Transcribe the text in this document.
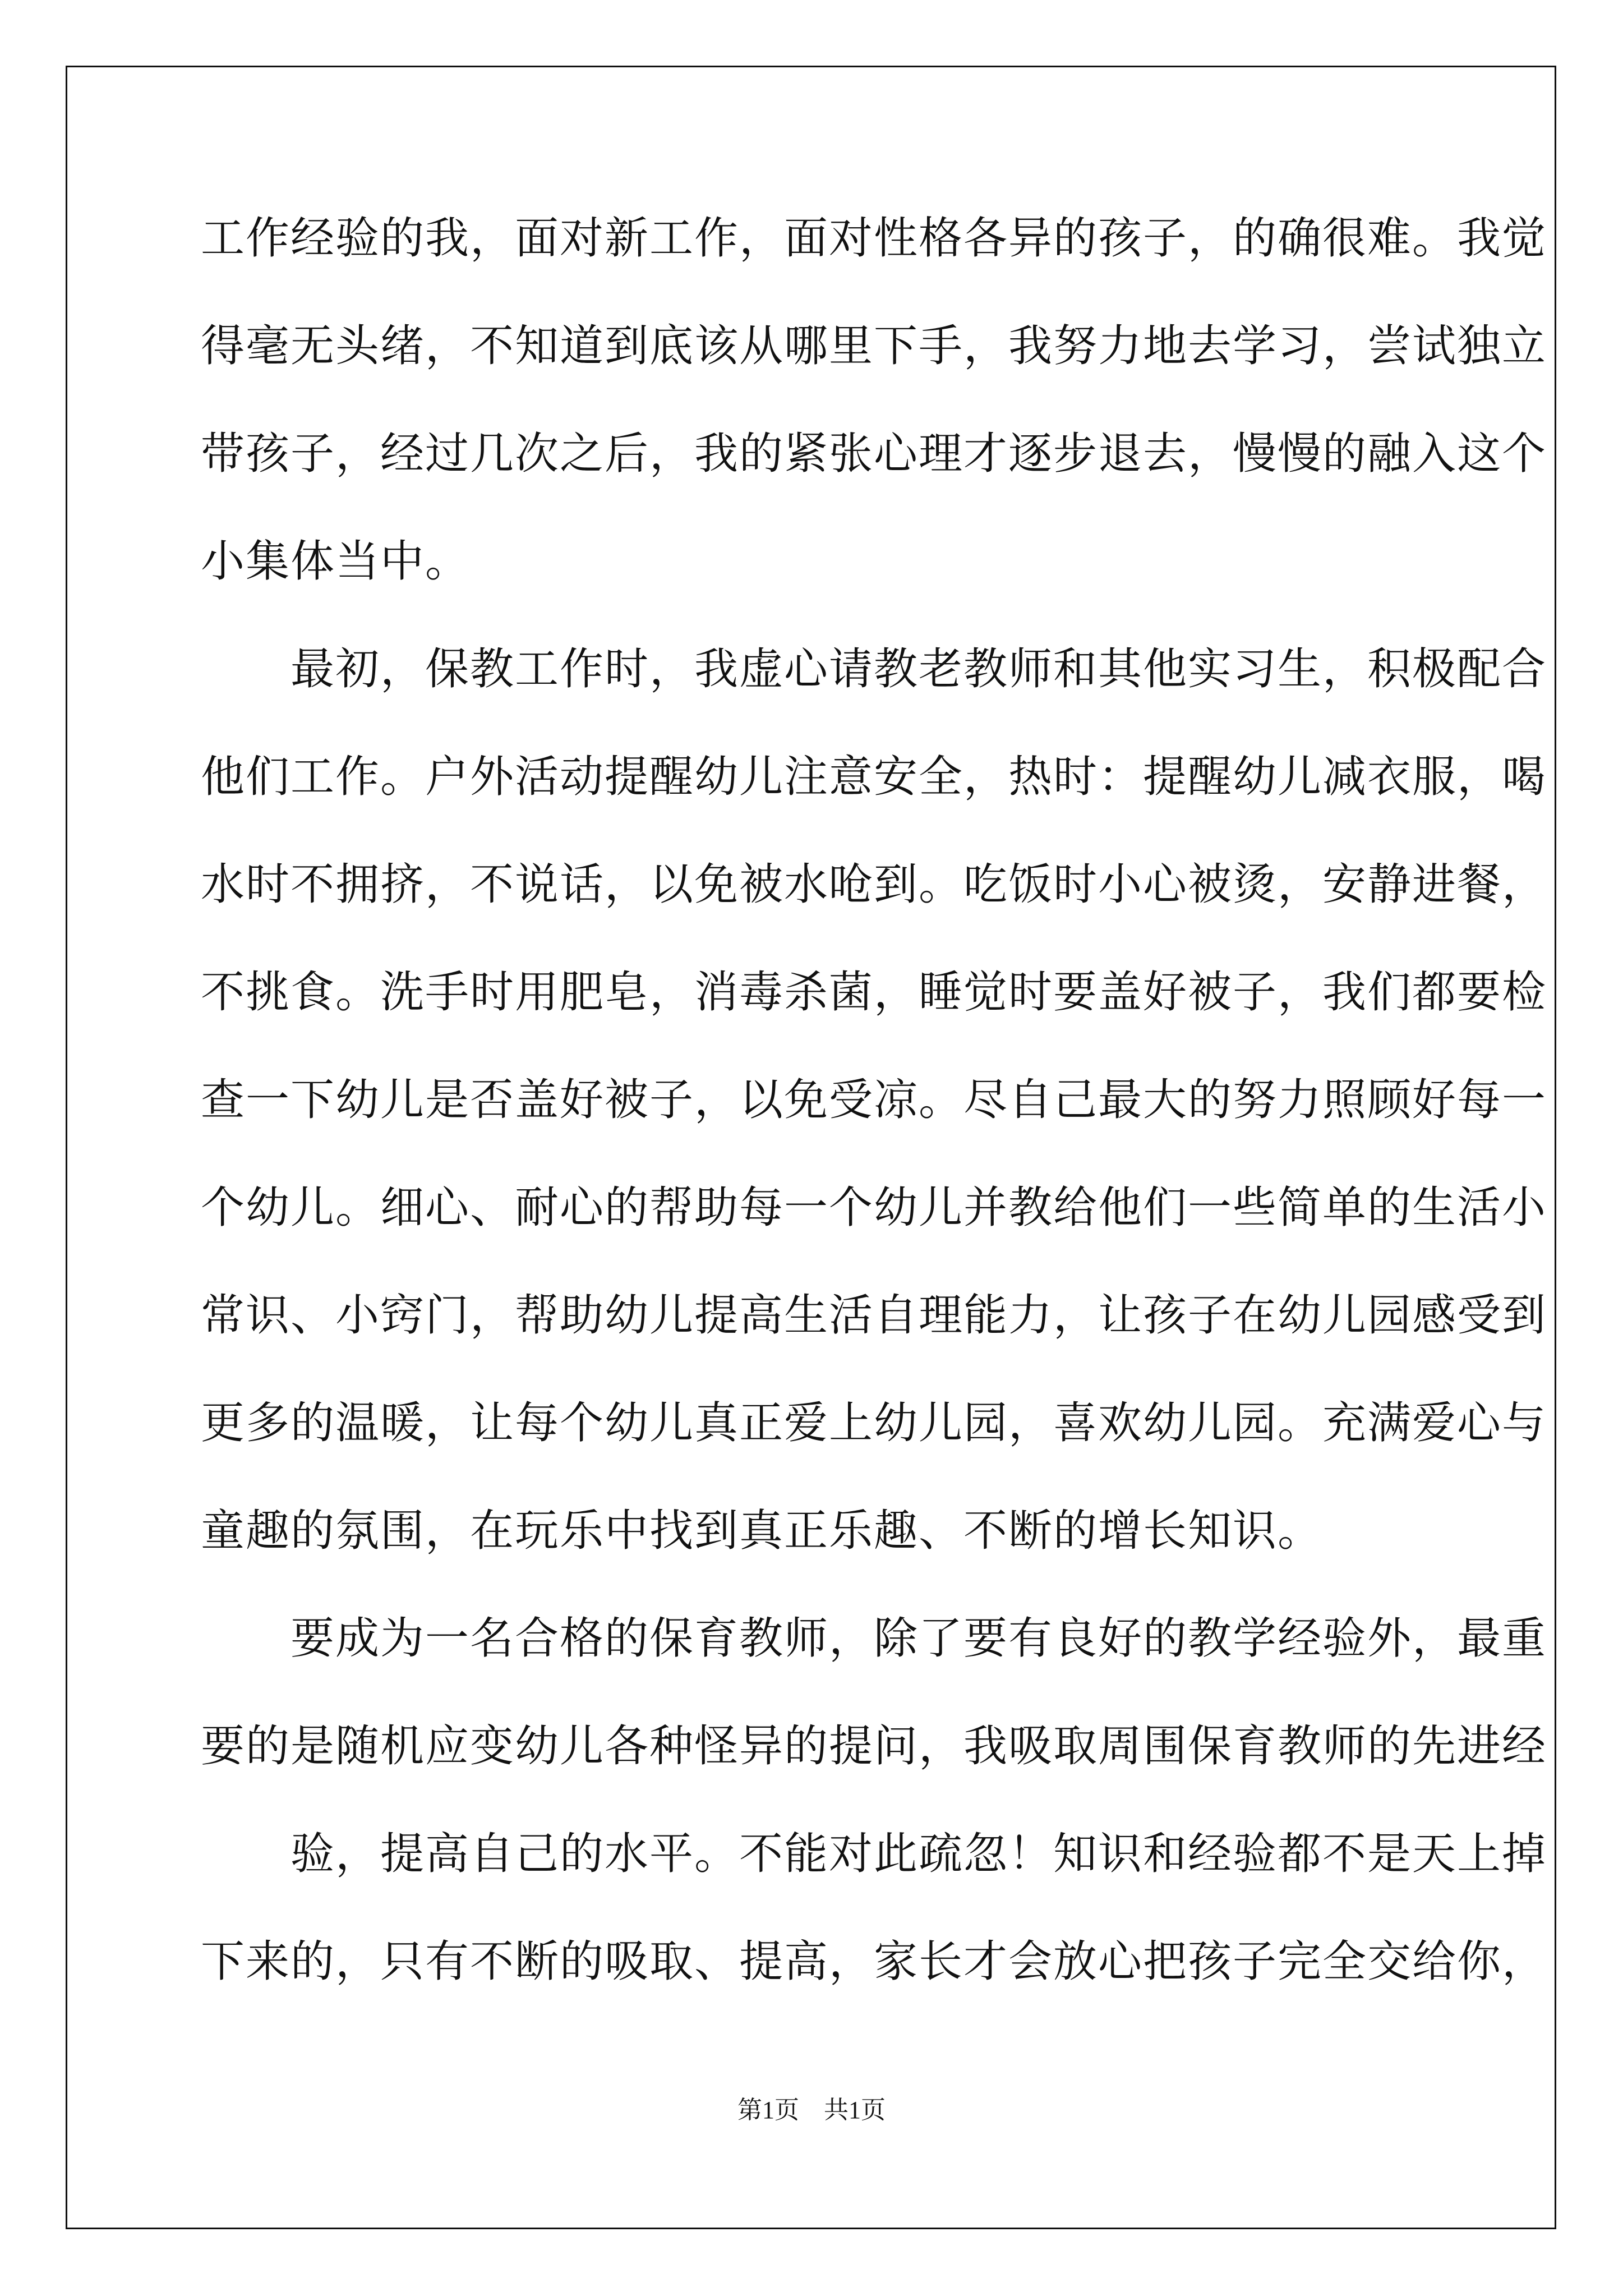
工作经验的我，面对新工作，面对性格各异的孩子，的确很难。我觉
得毫无头绪，不知道到底该从哪里下手，我努力地去学习，尝试独立
带孩子，经过几次之后，我的紧张心理才逐步退去，慢慢的融入这个
小集体当中。
　　最初，保教工作时，我虚心请教老教师和其他实习生，积极配合
他们工作。户外活动提醒幼儿注意安全，热时：提醒幼儿减衣服，喝
水时不拥挤，不说话，以免被水呛到。吃饭时小心被烫，安静进餐，
不挑食。洗手时用肥皂，消毒杀菌，睡觉时要盖好被子，我们都要检
查一下幼儿是否盖好被子，以免受凉。尽自己最大的努力照顾好每一
个幼儿。细心、耐心的帮助每一个幼儿并教给他们一些简单的生活小
常识、小窍门，帮助幼儿提高生活自理能力，让孩子在幼儿园感受到
更多的温暖，让每个幼儿真正爱上幼儿园，喜欢幼儿园。充满爱心与
童趣的氛围，在玩乐中找到真正乐趣、不断的增长知识。
　　要成为一名合格的保育教师，除了要有良好的教学经验外，最重
要的是随机应变幼儿各种怪异的提问，我吸取周围保育教师的先进经
　　验，提高自己的水平。不能对此疏忽！知识和经验都不是天上掉
下来的，只有不断的吸取、提高，家长才会放心把孩子完全交给你，
第1页　共1页
